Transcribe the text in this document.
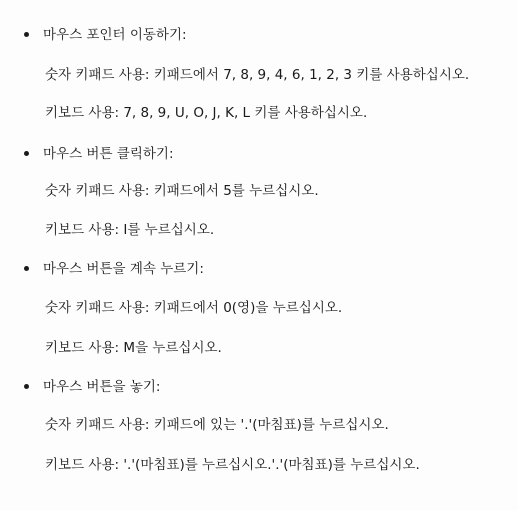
마우스 포인터 이동하기:
숫자 키패드 사용: 키패드에서 7, 8, 9, 4, 6, 1, 2, 3 키를 사용하십시오.
키보드 사용: 7, 8, 9, U, O, J, K, L 키를 사용하십시오.
마우스 버튼 클릭하기:
숫자 키패드 사용: 키패드에서 5를 누르십시오.
키보드 사용: I를 누르십시오.
마우스 버튼을 계속 누르기:
숫자 키패드 사용: 키패드에서 0(영)을 누르십시오.
키보드 사용: M을 누르십시오.
마우스 버튼을 놓기:
숫자 키패드 사용: 키패드에 있는 '.'(마침표)를 누르십시오.
키보드 사용: '.'(마침표)를 누르십시오.'.'(마침표)를 누르십시오.
